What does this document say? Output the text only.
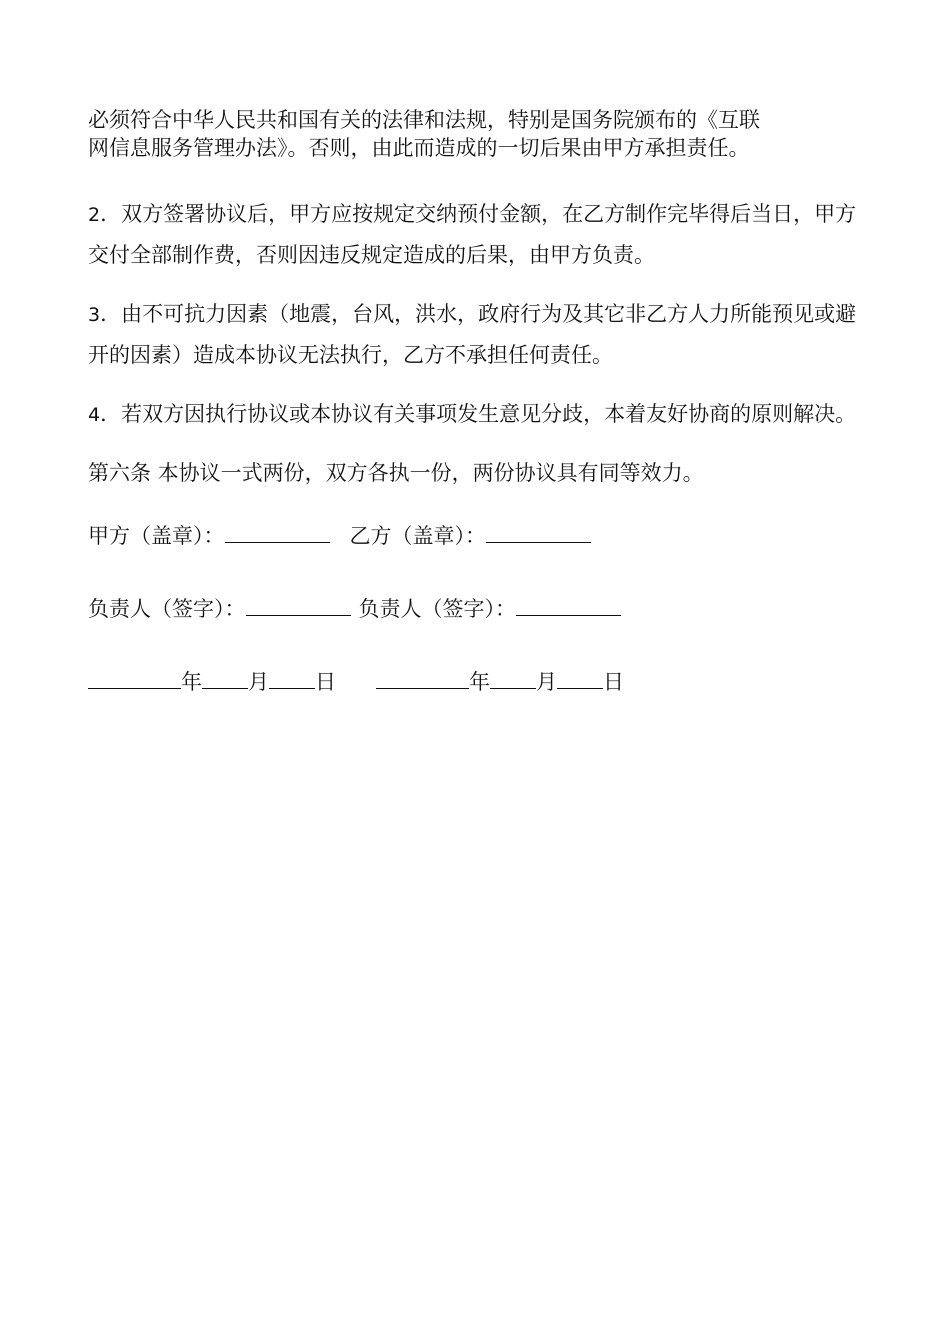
必须符合中华人民共和国有关的法律和法规，特别是国务院颁布的《互联
网信息服务管理办法》。否则，由此而造成的一切后果由甲方承担责任。

2．双方签署协议后，甲方应按规定交纳预付金额，在乙方制作完毕得后当日，甲方交付全部制作费，否则因违反规定造成的后果，由甲方负责。

3．由不可抗力因素（地震，台风，洪水，政府行为及其它非乙方人力所能预见或避开的因素）造成本协议无法执行，乙方不承担任何责任。

4．若双方因执行协议或本协议有关事项发生意见分歧，本着友好协商的原则解决。

第六条 本协议一式两份，双方各执一份，两份协议具有同等效力。

甲方（盖章）：	乙方（盖章）：
负责人（签字）：	负责人（签字）：
年 月 日	年 月 日
